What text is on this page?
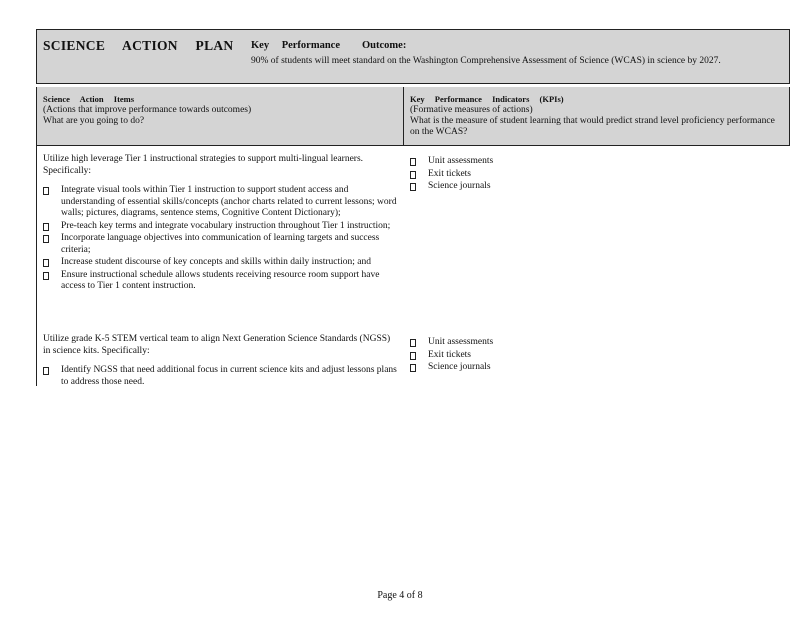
SCIENCE ACTION PLAN Key Performance Outcome:
90% of students will meet standard on the Washington Comprehensive Assessment of Science (WCAS) in science by 2027.
Science Action Items
(Actions that improve performance towards outcomes)
What are you going to do?
Key Performance Indicators (KPIs)
(Formative measures of actions)
What is the measure of student learning that would predict strand level proficiency performance on the WCAS?

Utilize high leverage Tier 1 instructional strategies to support multi-lingual learners. Specifically:

Integrate visual tools within Tier 1 instruction to support student access and understanding of essential skills/concepts (anchor charts related to current lessons; word walls; pictures, diagrams, sentence stems, Cognitive Content Dictionary);
Pre-teach key terms and integrate vocabulary instruction throughout Tier 1 instruction;
Incorporate language objectives into communication of learning targets and success criteria;
Increase student discourse of key concepts and skills within daily instruction; and
Ensure instructional schedule allows students receiving resource room support have access to Tier 1 content instruction.
Unit assessments
Exit tickets
Science journals

Utilize grade K-5 STEM vertical team to align Next Generation Science Standards (NGSS) in science kits. Specifically:

Identify NGSS that need additional focus in current science kits and adjust lessons plans to address those need.
Unit assessments
Exit tickets
Science journals
Page 4 of 8
